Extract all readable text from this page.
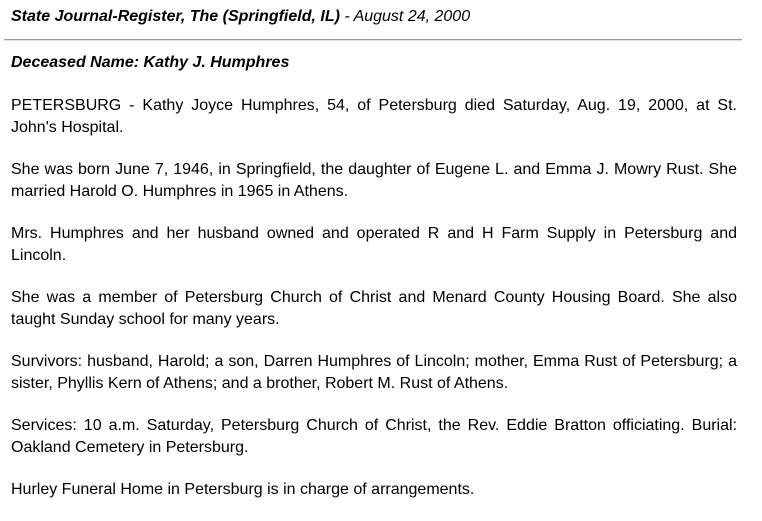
State Journal-Register, The (Springfield, IL) - August 24, 2000
Deceased Name: Kathy J. Humphres

PETERSBURG - Kathy Joyce Humphres, 54, of Petersburg died Saturday, Aug. 19, 2000, at St. John's Hospital.

She was born June 7, 1946, in Springfield, the daughter of Eugene L. and Emma J. Mowry Rust. She married Harold O. Humphres in 1965 in Athens.

Mrs. Humphres and her husband owned and operated R and H Farm Supply in Petersburg and Lincoln.

She was a member of Petersburg Church of Christ and Menard County Housing Board. She also taught Sunday school for many years.

Survivors: husband, Harold; a son, Darren Humphres of Lincoln; mother, Emma Rust of Petersburg; a sister, Phyllis Kern of Athens; and a brother, Robert M. Rust of Athens.

Services: 10 a.m. Saturday, Petersburg Church of Christ, the Rev. Eddie Bratton officiating. Burial: Oakland Cemetery in Petersburg.

Hurley Funeral Home in Petersburg is in charge of arrangements.
